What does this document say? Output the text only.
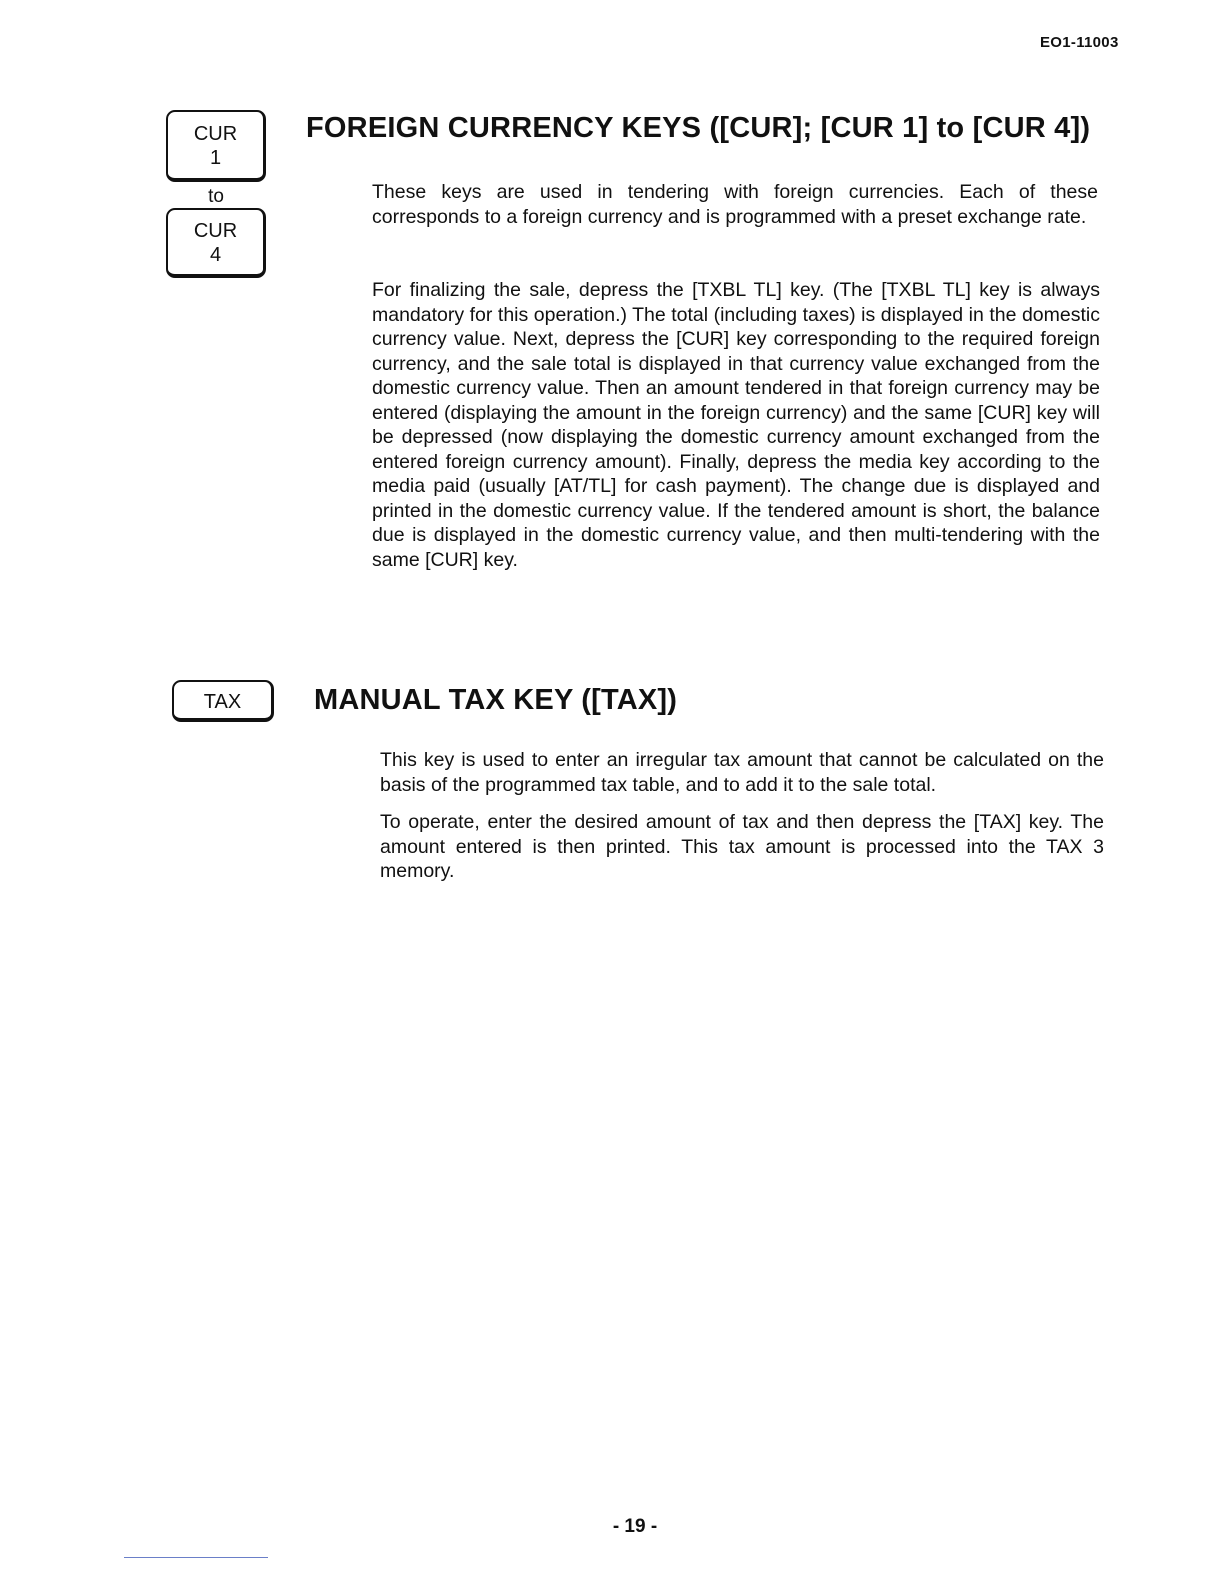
EO1-11003
CUR
1
to
CUR
4
FOREIGN CURRENCY KEYS ([CUR]; [CUR 1] to [CUR 4])
These keys are used in tendering with foreign currencies. Each of these corresponds to a foreign currency and is programmed with a preset exchange rate.
For finalizing the sale, depress the [TXBL TL] key. (The [TXBL TL] key is always mandatory for this operation.) The total (including taxes) is displayed in the domestic currency value. Next, depress the [CUR] key corresponding to the required foreign currency, and the sale total is displayed in that currency value exchanged from the domestic currency value. Then an amount tendered in that foreign currency may be entered (displaying the amount in the foreign currency) and the same [CUR] key will be depressed (now displaying the domestic currency amount exchanged from the entered foreign currency amount). Finally, depress the media key according to the media paid (usually [AT/TL] for cash payment). The change due is displayed and printed in the domestic currency value. If the tendered amount is short, the balance due is displayed in the domestic currency value, and then multi-tendering with the same [CUR] key.
TAX	MANUAL TAX KEY ([TAX])
This key is used to enter an irregular tax amount that cannot be calculated on the basis of the programmed tax table, and to add it to the sale total.
To operate, enter the desired amount of tax and then depress the [TAX] key. The amount entered is then printed. This tax amount is processed into the TAX 3 memory.
- 19 -
